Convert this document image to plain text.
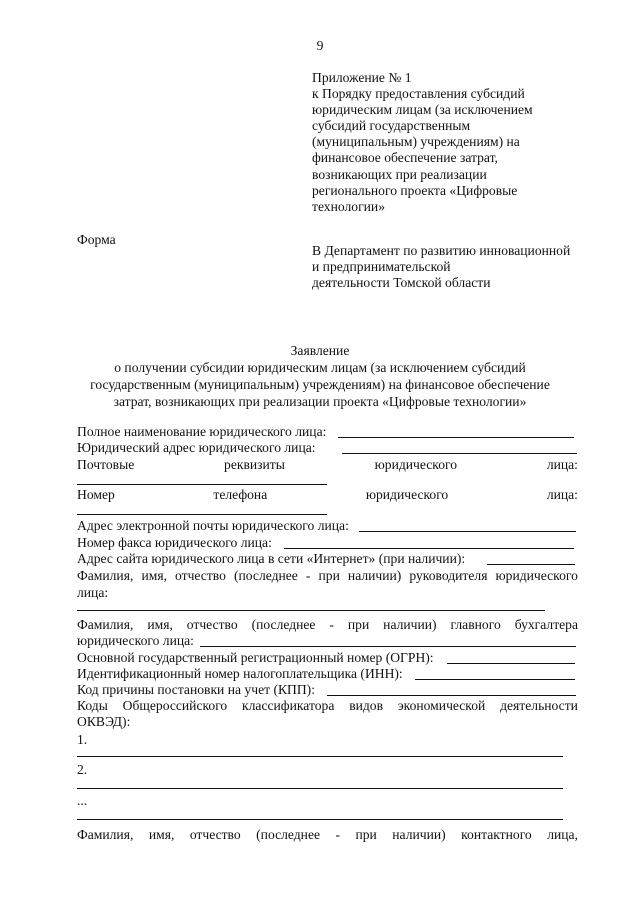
9
Приложение № 1
к Порядку предоставления субсидий
юридическим лицам (за исключением
субсидий государственным
(муниципальным) учреждениям) на
финансовое обеспечение затрат,
возникающих при реализации
регионального проекта «Цифровые
технологии»
Форма
В Департамент по развитию инновационной
и предпринимательской
деятельности Томской области
Заявление
о получении субсидии юридическим лицам (за исключением субсидий
государственным (муниципальным) учреждениям) на финансовое обеспечение
затрат, возникающих при реализации проекта «Цифровые технологии»
Полное наименование юридического лица:
Юридический адрес юридического лица:
Почтовые	реквизиты	юридического	лица:
Номер	телефона	юридического	лица:
Адрес электронной почты юридического лица:
Номер факса юридического лица:
Адрес сайта юридического лица в сети «Интернет» (при наличии):
Фамилия, имя, отчество (последнее - при наличии) руководителя юридического
лица:
Фамилия, имя, отчество (последнее - при наличии) главного бухгалтера
юридического лица:
Основной государственный регистрационный номер (ОГРН):
Идентификационный номер налогоплательщика (ИНН):
Код причины постановки на учет (КПП):
Коды Общероссийского классификатора видов экономической деятельности
ОКВЭД):
1.
2.
...
Фамилия, имя, отчество (последнее - при наличии) контактного лица,
